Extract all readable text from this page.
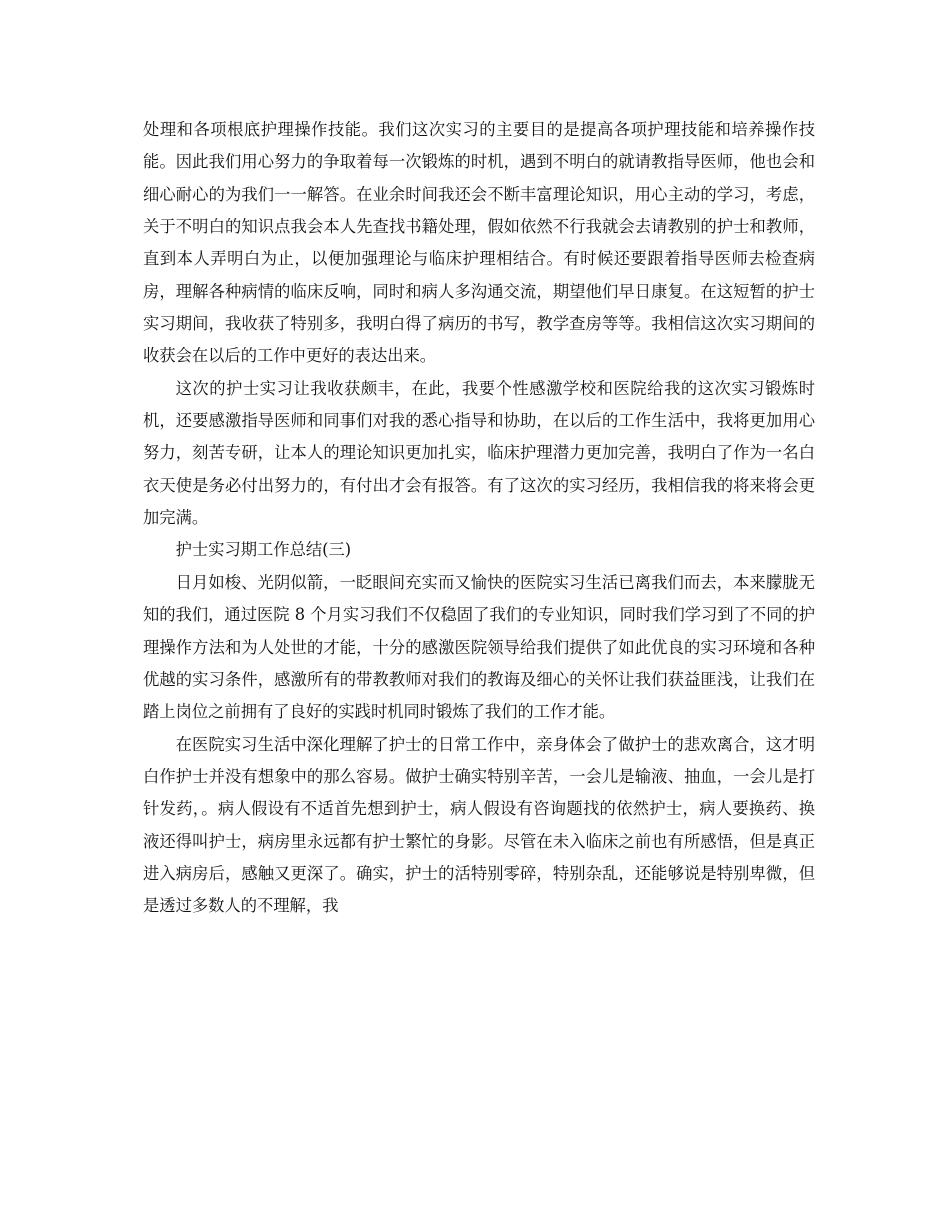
处理和各项根底护理操作技能。我们这次实习的主要目的是提高各项护理技能和培养操作技能。因此我们用心努力的争取着每一次锻炼的时机，遇到不明白的就请教指导医师，他也会和细心耐心的为我们一一解答。在业余时间我还会不断丰富理论知识，用心主动的学习，考虑，关于不明白的知识点我会本人先查找书籍处理，假如依然不行我就会去请教别的护士和教师，直到本人弄明白为止，以便加强理论与临床护理相结合。有时候还要跟着指导医师去检查病房，理解各种病情的临床反响，同时和病人多沟通交流，期望他们早日康复。在这短暂的护士实习期间，我收获了特别多，我明白得了病历的书写，教学查房等等。我相信这次实习期间的收获会在以后的工作中更好的表达出来。

这次的护士实习让我收获颇丰，在此，我要个性感激学校和医院给我的这次实习锻炼时机，还要感激指导医师和同事们对我的悉心指导和协助，在以后的工作生活中，我将更加用心努力，刻苦专研，让本人的理论知识更加扎实，临床护理潜力更加完善，我明白了作为一名白衣天使是务必付出努力的，有付出才会有报答。有了这次的实习经历，我相信我的将来将会更加完满。

护士实习期工作总结(三)

日月如梭、光阴似箭，一眨眼间充实而又愉快的医院实习生活已离我们而去，本来朦胧无知的我们，通过医院 8 个月实习我们不仅稳固了我们的专业知识，同时我们学习到了不同的护理操作方法和为人处世的才能，十分的感激医院领导给我们提供了如此优良的实习环境和各种优越的实习条件，感激所有的带教教师对我们的教诲及细心的关怀让我们获益匪浅，让我们在踏上岗位之前拥有了良好的实践时机同时锻炼了我们的工作才能。

在医院实习生活中深化理解了护士的日常工作中，亲身体会了做护士的悲欢离合，这才明白作护士并没有想象中的那么容易。做护士确实特别辛苦，一会儿是输液、抽血，一会儿是打针发药，。病人假设有不适首先想到护士，病人假设有咨询题找的依然护士，病人要换药、换液还得叫护士，病房里永远都有护士繁忙的身影。尽管在未入临床之前也有所感悟，但是真正进入病房后，感触又更深了。确实，护士的活特别零碎，特别杂乱，还能够说是特别卑微，但是透过多数人的不理解，我
